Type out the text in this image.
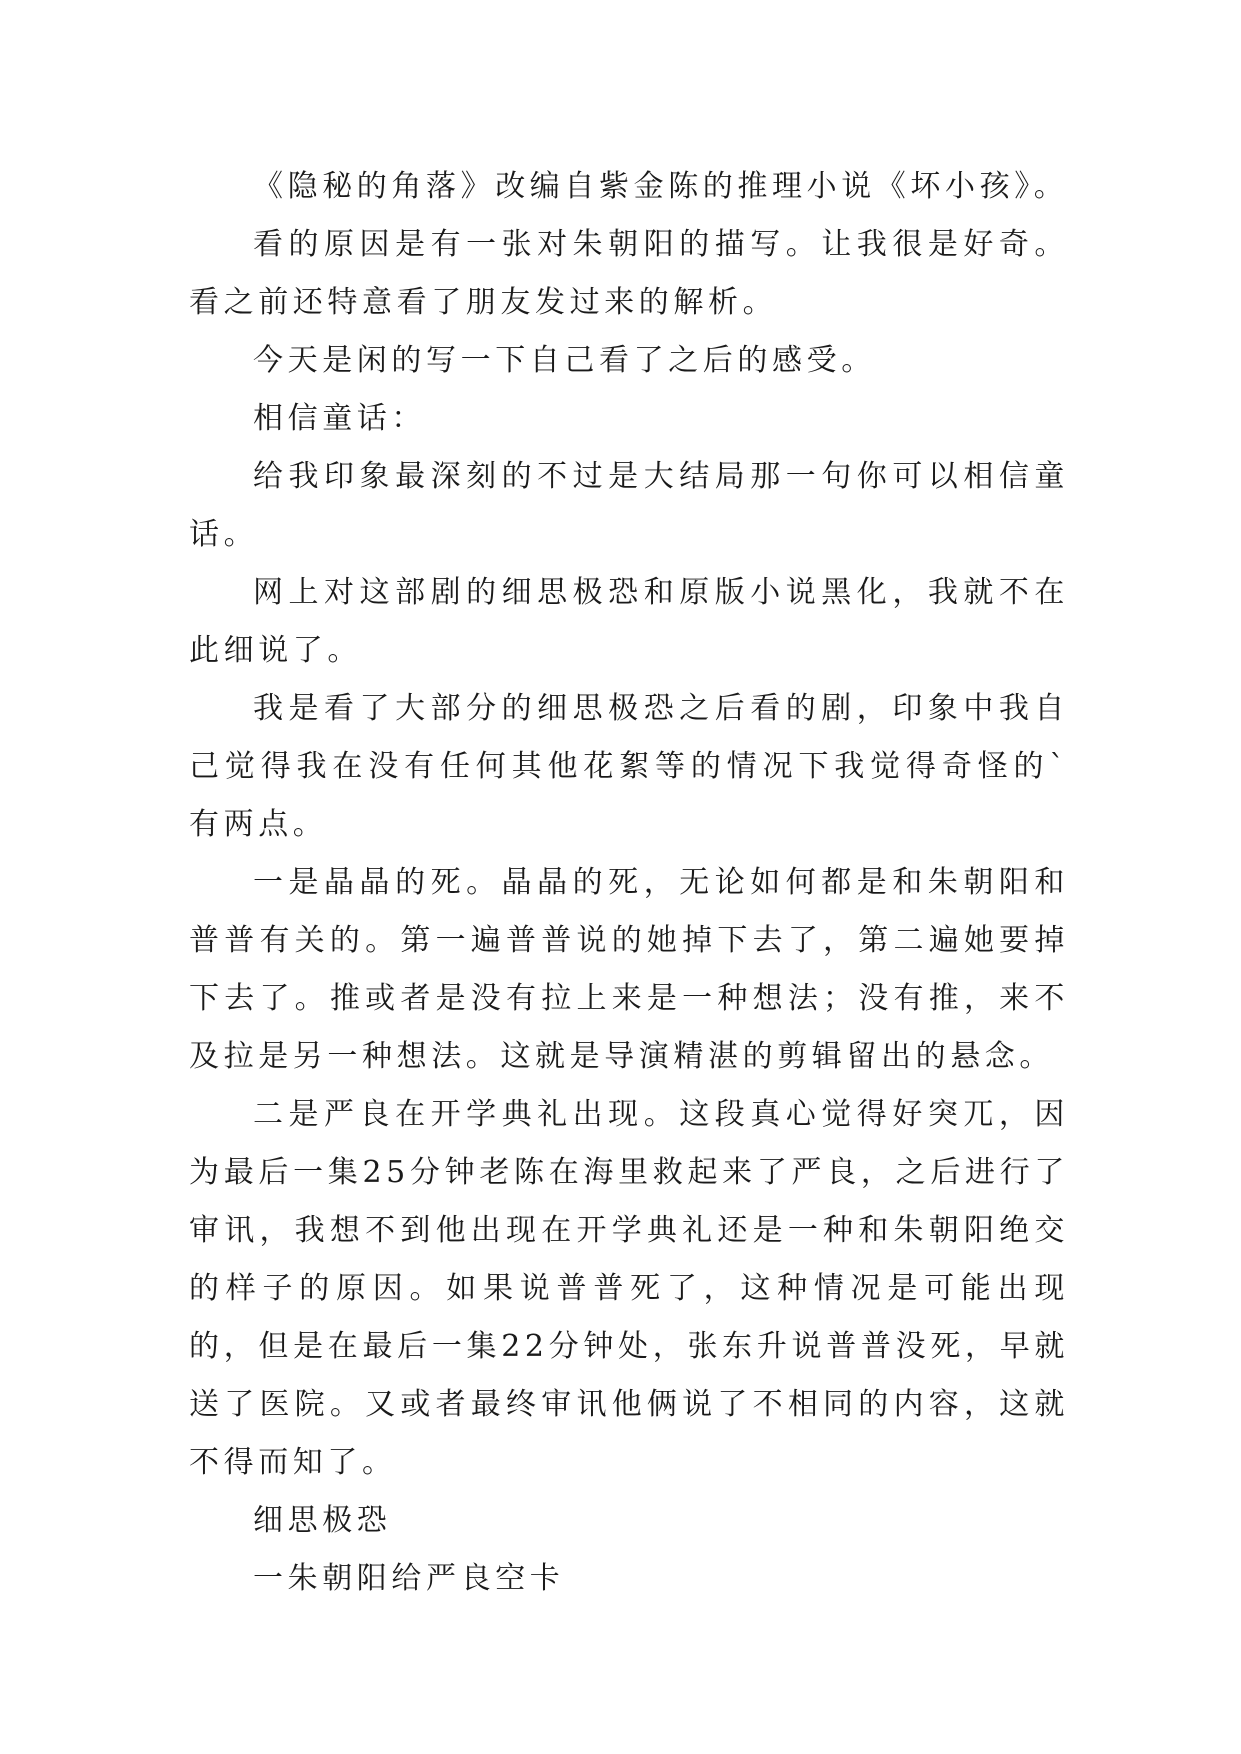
《隐秘的角落》改编自紫金陈的推理小说《坏小孩》。

看的原因是有一张对朱朝阳的描写。让我很是好奇。看之前还特意看了朋友发过来的解析。

今天是闲的写一下自己看了之后的感受。

相信童话：

给我印象最深刻的不过是大结局那一句你可以相信童话。

网上对这部剧的细思极恐和原版小说黑化，我就不在此细说了。

我是看了大部分的细思极恐之后看的剧，印象中我自己觉得我在没有任何其他花絮等的情况下我觉得奇怪的`有两点。

一是晶晶的死。晶晶的死，无论如何都是和朱朝阳和普普有关的。第一遍普普说的她掉下去了，第二遍她要掉下去了。推或者是没有拉上来是一种想法；没有推，来不及拉是另一种想法。这就是导演精湛的剪辑留出的悬念。

二是严良在开学典礼出现。这段真心觉得好突兀，因为最后一集25分钟老陈在海里救起来了严良，之后进行了审讯，我想不到他出现在开学典礼还是一种和朱朝阳绝交的样子的原因。如果说普普死了，这种情况是可能出现的，但是在最后一集22分钟处，张东升说普普没死，早就送了医院。又或者最终审讯他俩说了不相同的内容，这就不得而知了。

细思极恐

一朱朝阳给严良空卡
